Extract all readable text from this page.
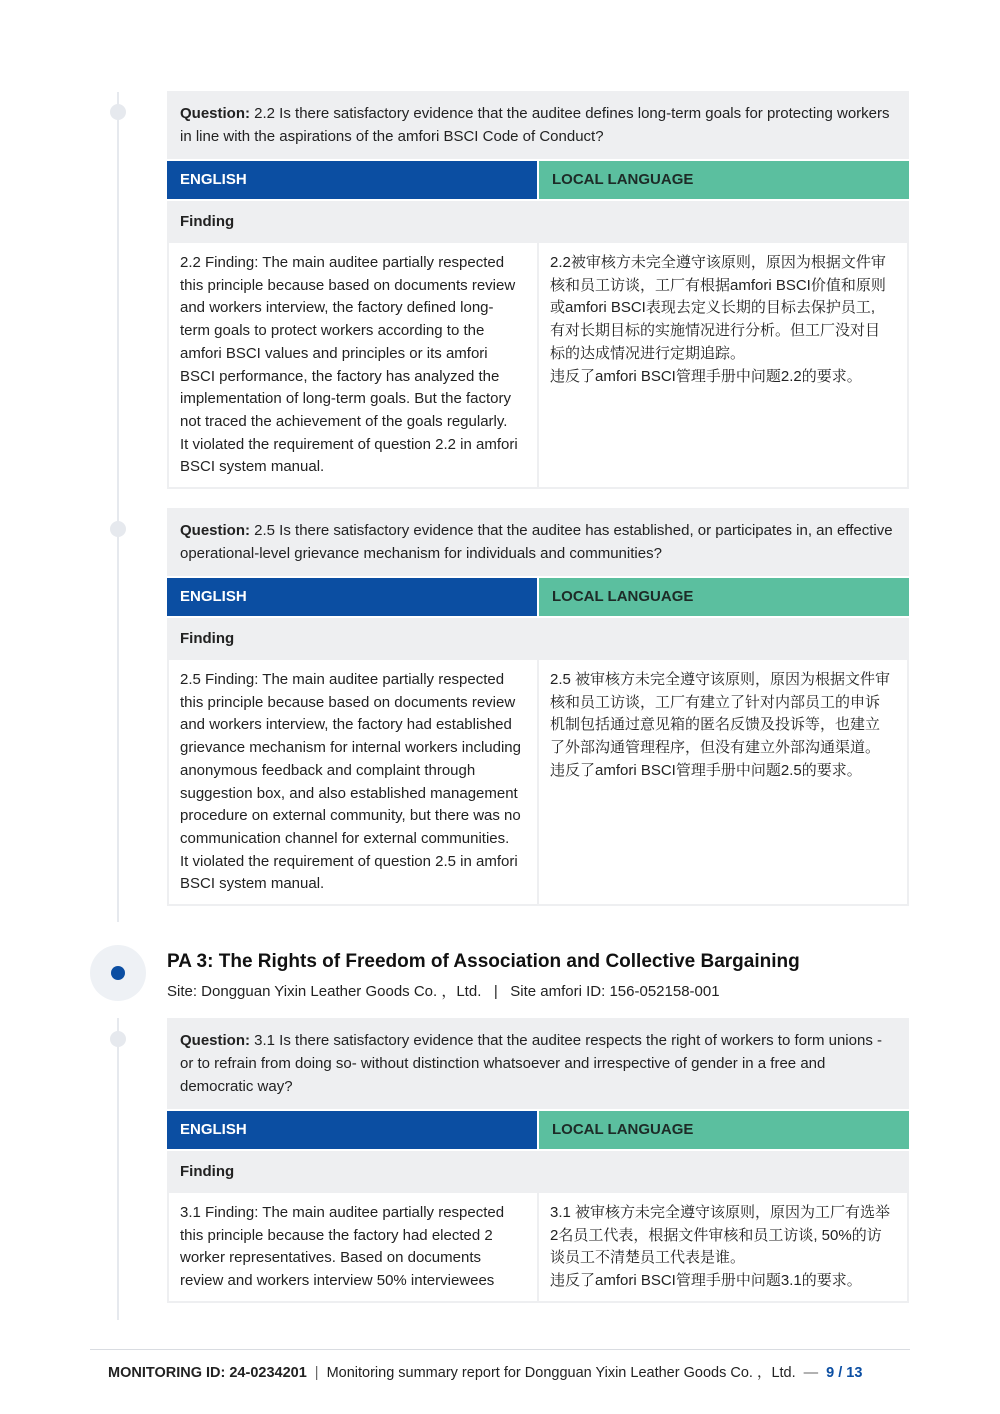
Question: 2.2 Is there satisfactory evidence that the auditee defines long-term goals for protecting workers in line with the aspirations of the amfori BSCI Code of Conduct?
ENGLISH	LOCAL LANGUAGE
Finding
2.2 Finding: The main auditee partially respected
this principle because based on documents review
and workers interview, the factory defined long-
term goals to protect workers according to the
amfori BSCI values and principles or its amfori
BSCI performance, the factory has analyzed the
implementation of long-term goals. But the factory
not traced the achievement of the goals regularly.
It violated the requirement of question 2.2 in amfori
BSCI system manual.
2.2被审核方未完全遵守该原则，原因为根据文件审
核和员工访谈，工厂有根据amfori BSCI价值和原则
或amfori BSCI表现去定义长期的目标去保护员工,
有对长期目标的实施情况进行分析。但工厂没对目
标的达成情况进行定期追踪。
违反了amfori BSCI管理手册中问题2.2的要求。
Question: 2.5 Is there satisfactory evidence that the auditee has established, or participates in, an effective operational-level grievance mechanism for individuals and communities?
ENGLISH	LOCAL LANGUAGE
Finding
2.5 Finding: The main auditee partially respected
this principle because based on documents review
and workers interview, the factory had established
grievance mechanism for internal workers including
anonymous feedback and complaint through
suggestion box, and also established management
procedure on external community, but there was no
communication channel for external communities.
It violated the requirement of question 2.5 in amfori
BSCI system manual.
2.5 被审核方未完全遵守该原则，原因为根据文件审
核和员工访谈，工厂有建立了针对内部员工的申诉
机制包括通过意见箱的匿名反馈及投诉等，也建立
了外部沟通管理程序，但没有建立外部沟通渠道。
违反了amfori BSCI管理手册中问题2.5的要求。
PA 3: The Rights of Freedom of Association and Collective Bargaining
Site: Dongguan Yixin Leather Goods Co. ，Ltd.   |   Site amfori ID: 156-052158-001
Question: 3.1 Is there satisfactory evidence that the auditee respects the right of workers to form unions - or to refrain from doing so- without distinction whatsoever and irrespective of gender in a free and democratic way?
ENGLISH	LOCAL LANGUAGE
Finding
3.1 Finding: The main auditee partially respected
this principle because the factory had elected 2
worker representatives. Based on documents
review and workers interview 50% interviewees
3.1 被审核方未完全遵守该原则，原因为工厂有选举
2名员工代表，根据文件审核和员工访谈, 50%的访
谈员工不清楚员工代表是谁。
违反了amfori BSCI管理手册中问题3.1的要求。
MONITORING ID: 24-0234201 | Monitoring summary report for Dongguan Yixin Leather Goods Co. ，Ltd. — 9 / 13
